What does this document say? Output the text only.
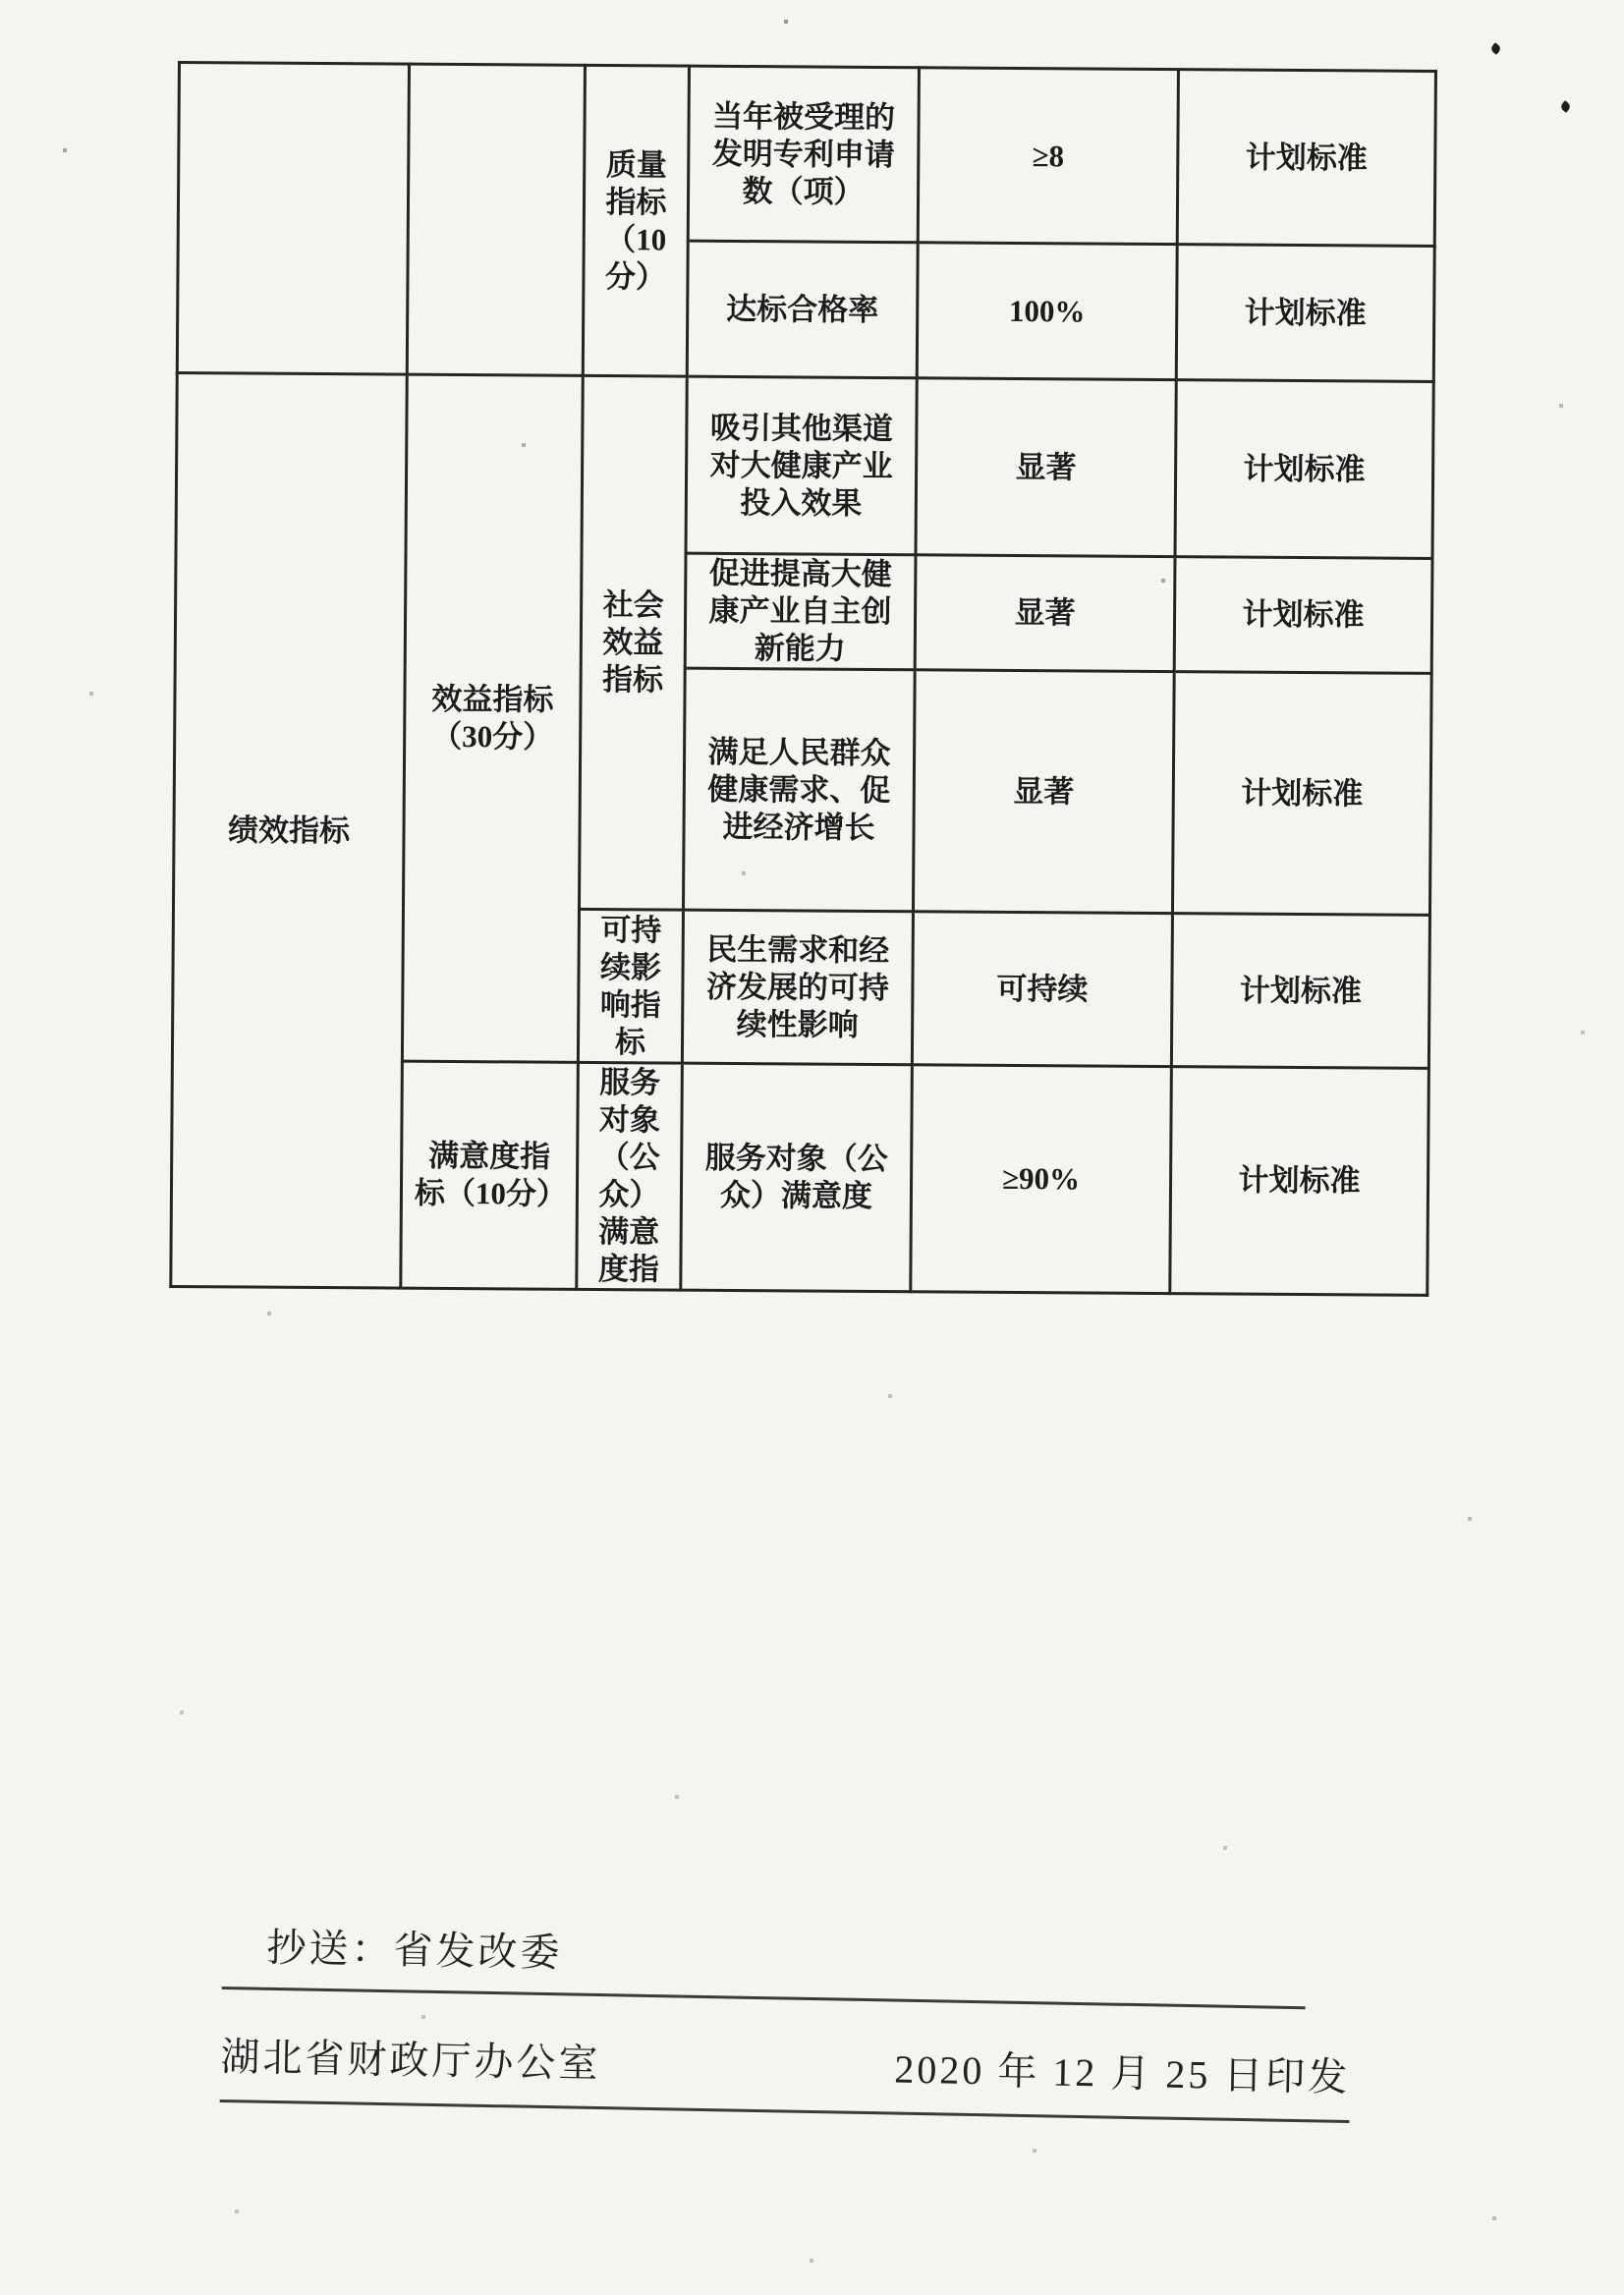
		质量指标（10分）	当年被受理的发明专利申请数（项）	≥8	计划标准
			达标合格率	100%	计划标准
绩效指标	效益指标（30分）	社会效益指标	吸引其他渠道对大健康产业投入效果	显著	计划标准
			促进提高大健康产业自主创新能力	显著	计划标准
			满足人民群众健康需求、促进经济增长	显著	计划标准
		可持续影响指标	民生需求和经济发展的可持续性影响	可持续	计划标准
	满意度指标（10分）	服务对象（公众）满意度指	服务对象（公众）满意度	≥90%	计划标准
抄送：省发改委
湖北省财政厅办公室	2020 年 12 月 25 日印发
